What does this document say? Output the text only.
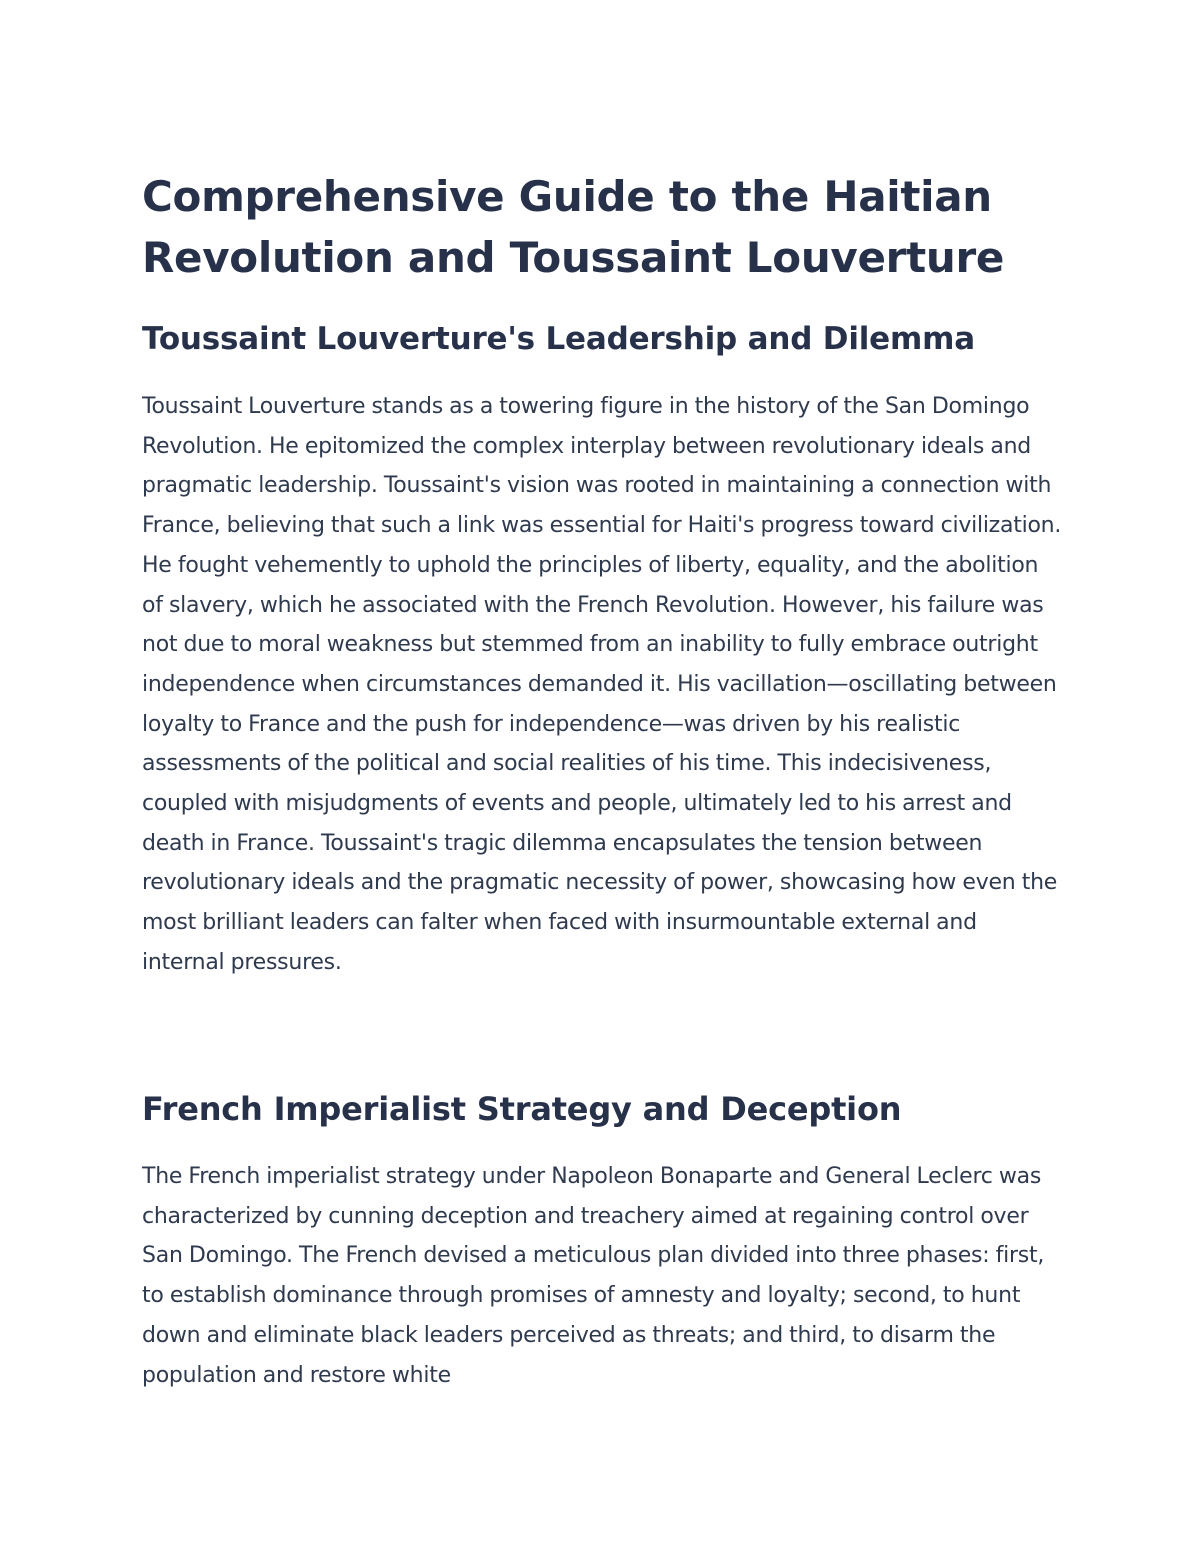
Comprehensive Guide to the Haitian Revolution and Toussaint Louverture
Toussaint Louverture's Leadership and Dilemma

Toussaint Louverture stands as a towering figure in the history of the San Domingo Revolution. He epitomized the complex interplay between revolutionary ideals and pragmatic leadership. Toussaint's vision was rooted in maintaining a connection with France, believing that such a link was essential for Haiti's progress toward civilization. He fought vehemently to uphold the principles of liberty, equality, and the abolition of slavery, which he associated with the French Revolution. However, his failure was not due to moral weakness but stemmed from an inability to fully embrace outright independence when circumstances demanded it. His vacillation—oscillating between loyalty to France and the push for independence—was driven by his realistic assessments of the political and social realities of his time. This indecisiveness, coupled with misjudgments of events and people, ultimately led to his arrest and death in France. Toussaint's tragic dilemma encapsulates the tension between revolutionary ideals and the pragmatic necessity of power, showcasing how even the most brilliant leaders can falter when faced with insurmountable external and internal pressures.

French Imperialist Strategy and Deception

The French imperialist strategy under Napoleon Bonaparte and General Leclerc was characterized by cunning deception and treachery aimed at regaining control over San Domingo. The French devised a meticulous plan divided into three phases: first, to establish dominance through promises of amnesty and loyalty; second, to hunt down and eliminate black leaders perceived as threats; and third, to disarm the population and restore white
